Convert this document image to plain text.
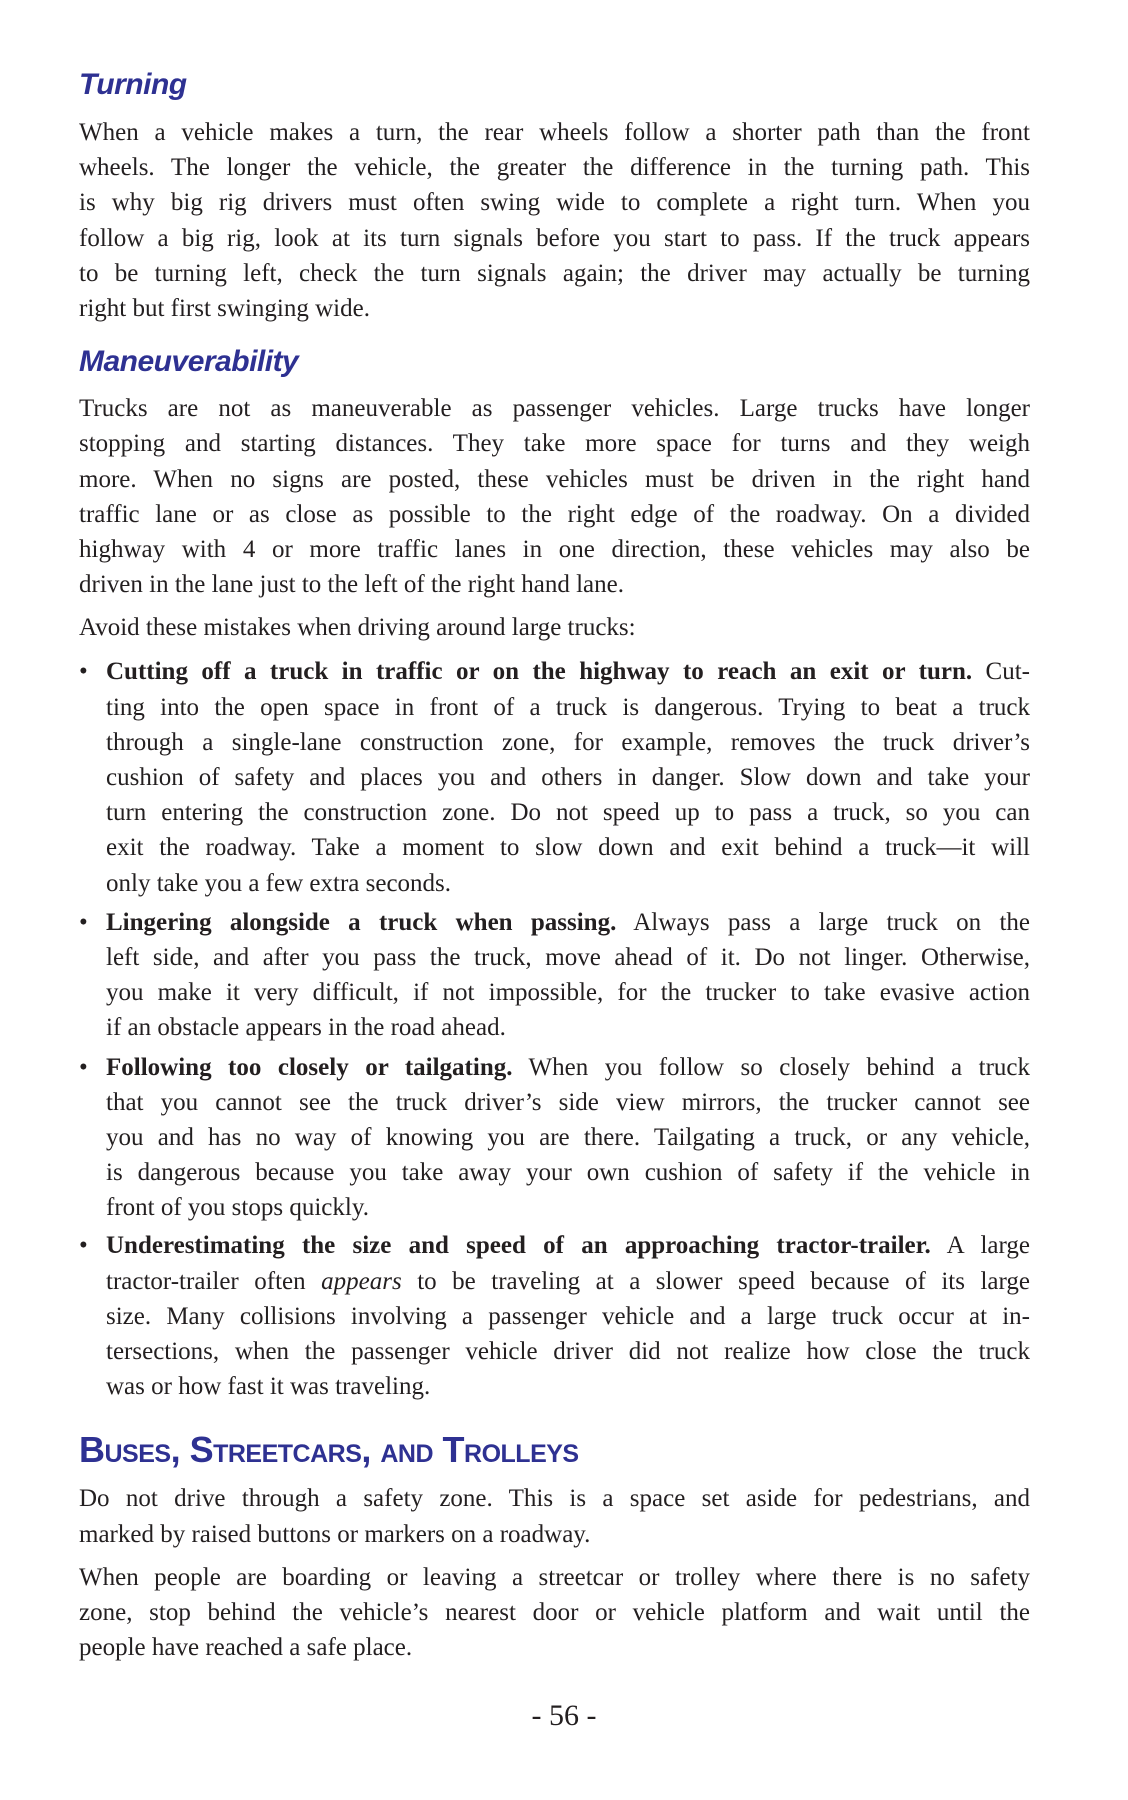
Turning
When a vehicle makes a turn, the rear wheels follow a shorter path than the front
wheels. The longer the vehicle, the greater the difference in the turning path. This
is why big rig drivers must often swing wide to complete a right turn. When you
follow a big rig, look at its turn signals before you start to pass. If the truck appears
to be turning left, check the turn signals again; the driver may actually be turning
right but first swinging wide.
Maneuverability
Trucks are not as maneuverable as passenger vehicles. Large trucks have longer
stopping and starting distances. They take more space for turns and they weigh
more. When no signs are posted, these vehicles must be driven in the right hand
traffic lane or as close as possible to the right edge of the roadway. On a divided
highway with 4 or more traffic lanes in one direction, these vehicles may also be
driven in the lane just to the left of the right hand lane.
Avoid these mistakes when driving around large trucks:
• Cutting off a truck in traffic or on the highway to reach an exit or turn. Cut-
ting into the open space in front of a truck is dangerous. Trying to beat a truck
through a single-lane construction zone, for example, removes the truck driver’s
cushion of safety and places you and others in danger. Slow down and take your
turn entering the construction zone. Do not speed up to pass a truck, so you can
exit the roadway. Take a moment to slow down and exit behind a truck—it will
only take you a few extra seconds.
• Lingering alongside a truck when passing. Always pass a large truck on the
left side, and after you pass the truck, move ahead of it. Do not linger. Otherwise,
you make it very difficult, if not impossible, for the trucker to take evasive action
if an obstacle appears in the road ahead.
• Following too closely or tailgating. When you follow so closely behind a truck
that you cannot see the truck driver’s side view mirrors, the trucker cannot see
you and has no way of knowing you are there. Tailgating a truck, or any vehicle,
is dangerous because you take away your own cushion of safety if the vehicle in
front of you stops quickly.
• Underestimating the size and speed of an approaching tractor-trailer. A large
tractor-trailer often appears to be traveling at a slower speed because of its large
size. Many collisions involving a passenger vehicle and a large truck occur at in-
tersections, when the passenger vehicle driver did not realize how close the truck
was or how fast it was traveling.
Buses, Streetcars, and Trolleys
Do not drive through a safety zone. This is a space set aside for pedestrians, and
marked by raised buttons or markers on a roadway.
When people are boarding or leaving a streetcar or trolley where there is no safety
zone, stop behind the vehicle’s nearest door or vehicle platform and wait until the
people have reached a safe place.
- 56 -
